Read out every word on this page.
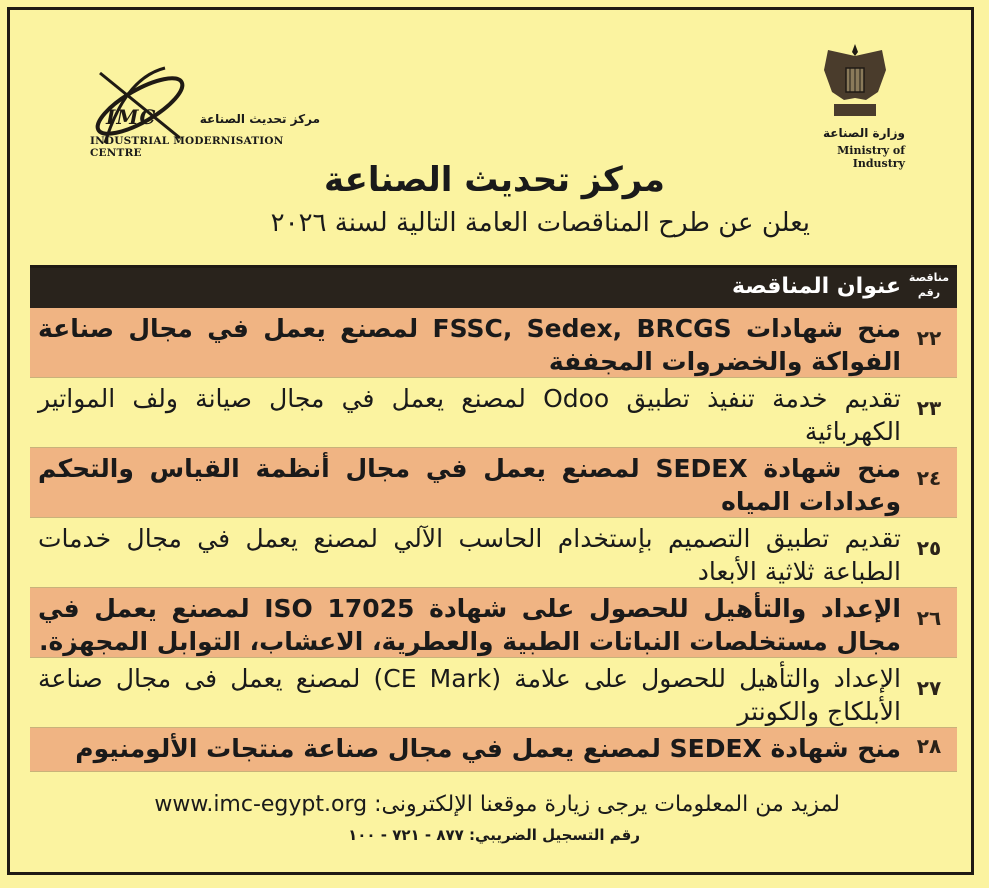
IMC	مركز تحديث الصناعة
INDUSTRIAL MODERNISATION CENTRE
وزارة الصناعة
Ministry of Industry
مركز تحديث الصناعة
يعلن عن طرح المناقصات العامة التالية لسنة ٢٠٢٦
مناقصة رقم
عنوان المناقصة
٢٢
منح شهادات FSSC, Sedex, BRCGS لمصنع يعمل في مجال صناعة الفواكة والخضروات المجففة
٢٣
تقديم خدمة تنفيذ تطبيق Odoo لمصنع يعمل في مجال صيانة ولف المواتير الكهربائية
٢٤
منح شهادة SEDEX لمصنع يعمل في مجال أنظمة القياس والتحكم وعدادات المياه
٢٥
تقديم تطبيق التصميم بإستخدام الحاسب الآلي لمصنع يعمل في مجال خدمات الطباعة ثلاثية الأبعاد
٢٦
الإعداد والتأهيل للحصول على شهادة ISO 17025 لمصنع يعمل في مجال مستخلصات النباتات الطبية والعطرية، الاعشاب، التوابل المجهزة.
٢٧
الإعداد والتأهيل للحصول على علامة (CE Mark) لمصنع يعمل فى مجال صناعة الأبلكاج والكونتر
٢٨
منح شهادة SEDEX لمصنع يعمل في مجال صناعة منتجات الألومنيوم
لمزيد من المعلومات يرجى زيارة موقعنا الإلكترونى: www.imc-egypt.org
رقم التسجيل الضريبي: ٨٧٧ - ٧٢١ - ١٠٠
